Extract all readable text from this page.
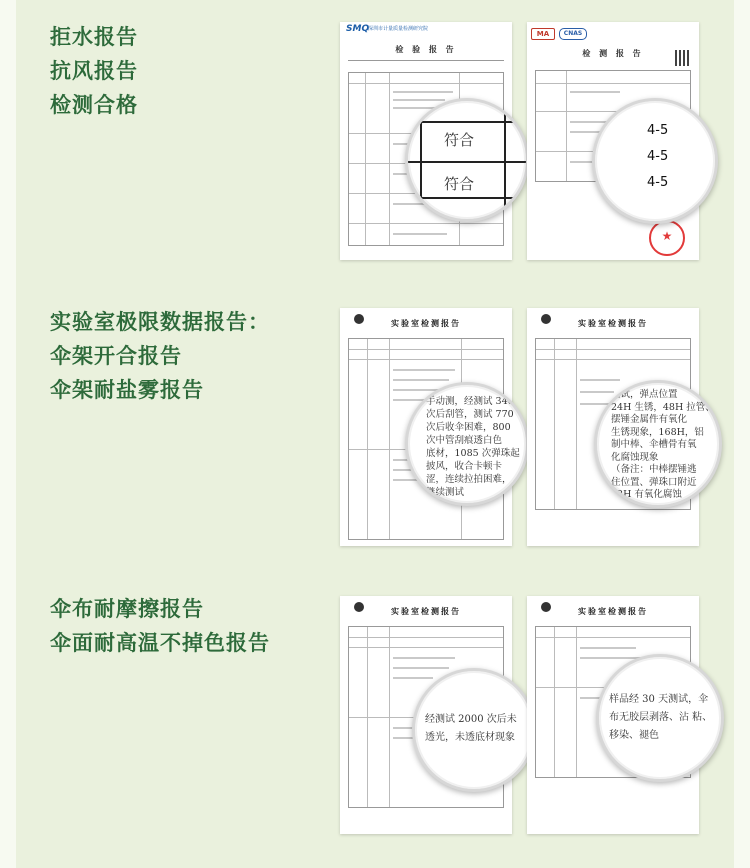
拒水报告
抗风报告
检测合格
SMQ
深圳市计量质量检测研究院
检 验 报 告
符合
符合
MA	CNAS
检 测 报 告
★
4-5
4-5
4-5
实验室极限数据报告：
伞架开合报告
伞架耐盐雾报告
实验室检测报告
手动测，经测试 340
次后刮管，测试 770
次后收伞困难，800
次中管刮痕透白色
底材，1085 次弹珠起
披风，收合卡顿卡
涩，连续拉拍困难，
继续测试
实验室检测报告
测试，弹点位置
24H 生锈，48H 拉管、
摆锤金属件有氧化
生锈现象，168H，铝
制中棒、伞槽骨有氧
化腐蚀现象
（备注：中棒摆锤逃
住位置、弹珠口附近
72H 有氧化腐蚀
伞布耐摩擦报告
伞面耐高温不掉色报告
实验室检测报告
经测试 2000 次后未
透光，未透底材现象
实验室检测报告
样品经 30 天测试，伞
布无胶层剥落、沾 粘、
移染、褪色
